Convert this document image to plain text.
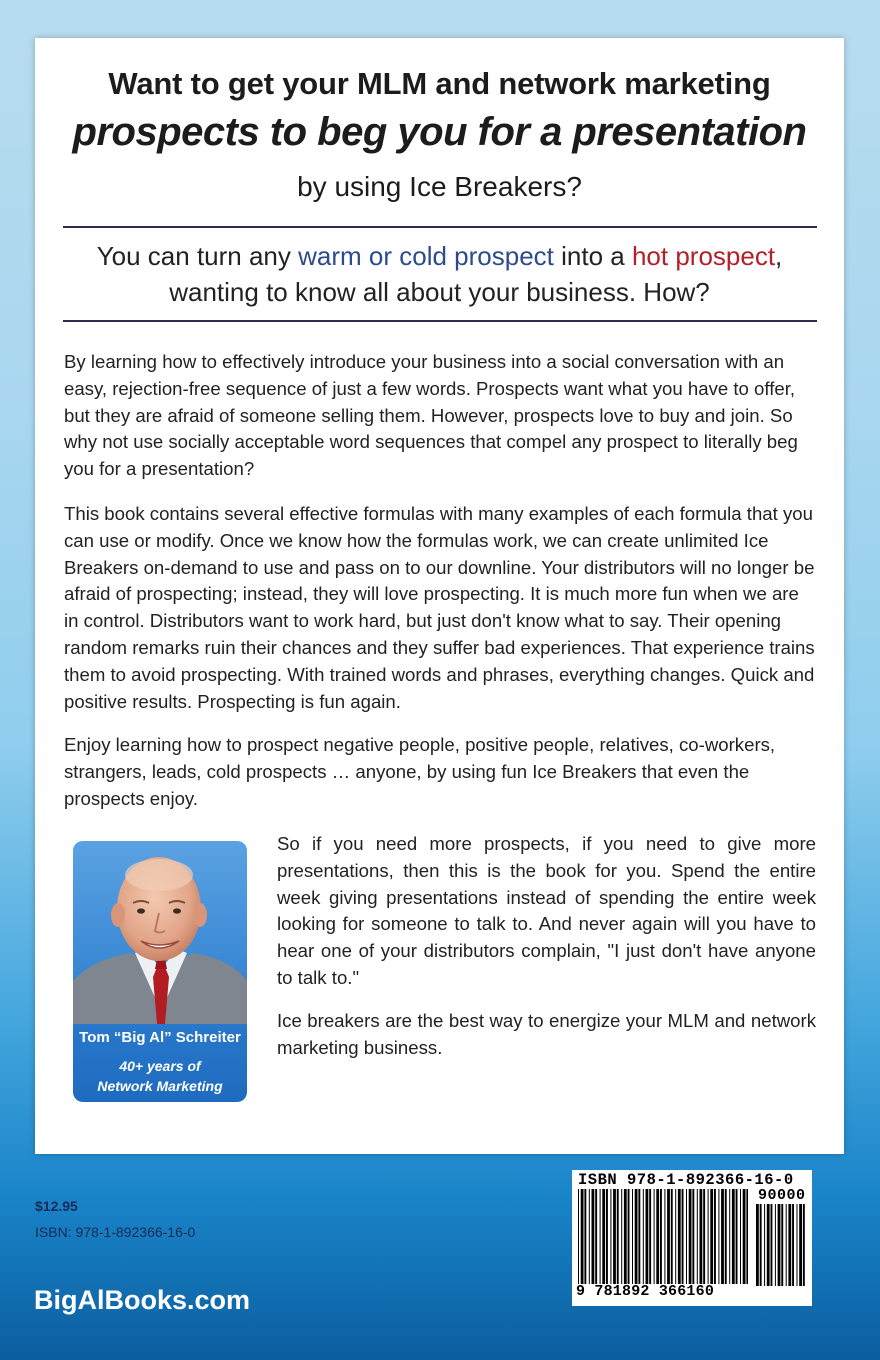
Want to get your MLM and network marketing
prospects to beg you for a presentation
by using Ice Breakers?
You can turn any warm or cold prospect into a hot prospect,
wanting to know all about your business. How?

By learning how to effectively introduce your business into a social conversation with an easy, rejection-free sequence of just a few words. Prospects want what you have to offer, but they are afraid of someone selling them. However, prospects love to buy and join. So why not use socially acceptable word sequences that compel any prospect to literally beg you for a presentation?

This book contains several effective formulas with many examples of each formula that you can use or modify. Once we know how the formulas work, we can create unlimited Ice Breakers on-demand to use and pass on to our downline. Your distributors will no longer be afraid of prospecting; instead, they will love prospecting. It is much more fun when we are in control. Distributors want to work hard, but just don't know what to say. Their opening random remarks ruin their chances and they suffer bad experiences. That experience trains them to avoid prospecting. With trained words and phrases, everything changes. Quick and positive results. Prospecting is fun again.

Enjoy learning how to prospect negative people, positive people, relatives, co-workers, strangers, leads, cold prospects … anyone, by using fun Ice Breakers that even the prospects enjoy.

Tom “Big Al” Schreiter
40+ years of
Network Marketing

So if you need more prospects, if you need to give more presentations, then this is the book for you. Spend the entire week giving presentations instead of spending the entire week looking for someone to talk to. And never again will you have to hear one of your distributors complain, "I just don't have anyone to talk to."

Ice breakers are the best way to energize your MLM and network marketing business.

$12.95
ISBN: 978-1-892366-16-0
BigAlBooks.com
ISBN 978-1-892366-16-0
90000
9 781892 366160
